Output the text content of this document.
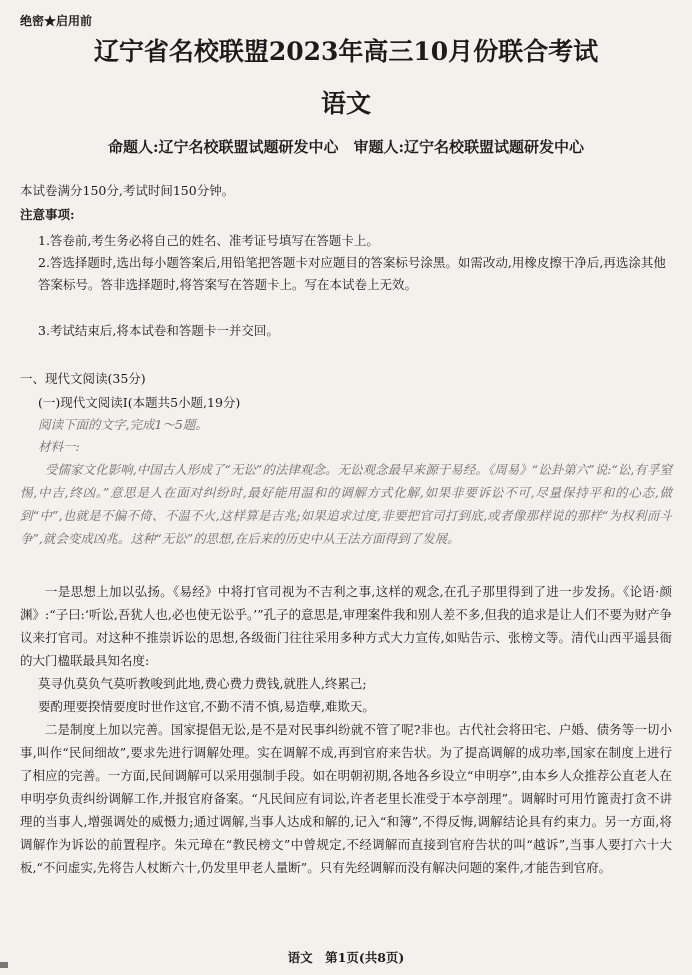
绝密★启用前
辽宁省名校联盟2023年高三10月份联合考试
语文
命题人:辽宁名校联盟试题研发中心　审题人:辽宁名校联盟试题研发中心
本试卷满分150分,考试时间150分钟。
注意事项:
1.答卷前,考生务必将自己的姓名、准考证号填写在答题卡上。
2.答选择题时,选出每小题答案后,用铅笔把答题卡对应题目的答案标号涂黑。如需改动,用橡皮擦干净后,再选涂其他答案标号。答非选择题时,将答案写在答题卡上。写在本试卷上无效。
3.考试结束后,将本试卷和答题卡一并交回。
一、现代文阅读(35分)
(一)现代文阅读Ⅰ(本题共5小题,19分)
阅读下面的文字,完成1～5题。
材料一:
受儒家文化影响,中国古人形成了“无讼”的法律观念。无讼观念最早来源于易经。《周易》“讼卦第六”说:“讼,有孚窒惕,中吉,终凶。”意思是人在面对纠纷时,最好能用温和的调解方式化解,如果非要诉讼不可,尽量保持平和的心态,做到“中”,也就是不偏不倚、不温不火,这样算是吉兆;如果追求过度,非要把官司打到底,或者像那样说的那样“为权利而斗争”,就会变成凶兆。这种“无讼”的思想,在后来的历史中从王法方面得到了发展。
一是思想上加以弘扬。《易经》中将打官司视为不吉利之事,这样的观念,在孔子那里得到了进一步发扬。《论语·颜渊》:“子曰:‘听讼,吾犹人也,必也使无讼乎。’”孔子的意思是,审理案件我和别人差不多,但我的追求是让人们不要为财产争议来打官司。对这种不推崇诉讼的思想,各级衙门往往采用多种方式大力宣传,如贴告示、张榜文等。清代山西平遥县衙的大门楹联最具知名度:
莫寻仇莫负气莫听教唆到此地,费心费力费钱,就胜人,终累己;
要酌理要揆情要度时世作这官,不勤不清不慎,易造孽,难欺天。
二是制度上加以完善。国家提倡无讼,是不是对民事纠纷就不管了呢?非也。古代社会将田宅、户婚、债务等一切小事,叫作“民间细故”,要求先进行调解处理。实在调解不成,再到官府来告状。为了提高调解的成功率,国家在制度上进行了相应的完善。一方面,民间调解可以采用强制手段。如在明朝初期,各地各乡设立“申明亭”,由本乡人众推荐公直老人在申明亭负责纠纷调解工作,并报官府备案。“凡民间应有词讼,许者老里长准受于本亭剖理”。调解时可用竹篦责打贪不讲理的当事人,增强调处的威慑力;通过调解,当事人达成和解的,记入“和簿”,不得反悔,调解结论具有约束力。另一方面,将调解作为诉讼的前置程序。朱元璋在“教民榜文”中曾规定,不经调解而直接到官府告状的叫“越诉”,当事人要打六十大板,“不问虚实,先将告人杖断六十,仍发里甲老人量断”。只有先经调解而没有解决问题的案件,才能告到官府。
语文　第1页(共8页)
